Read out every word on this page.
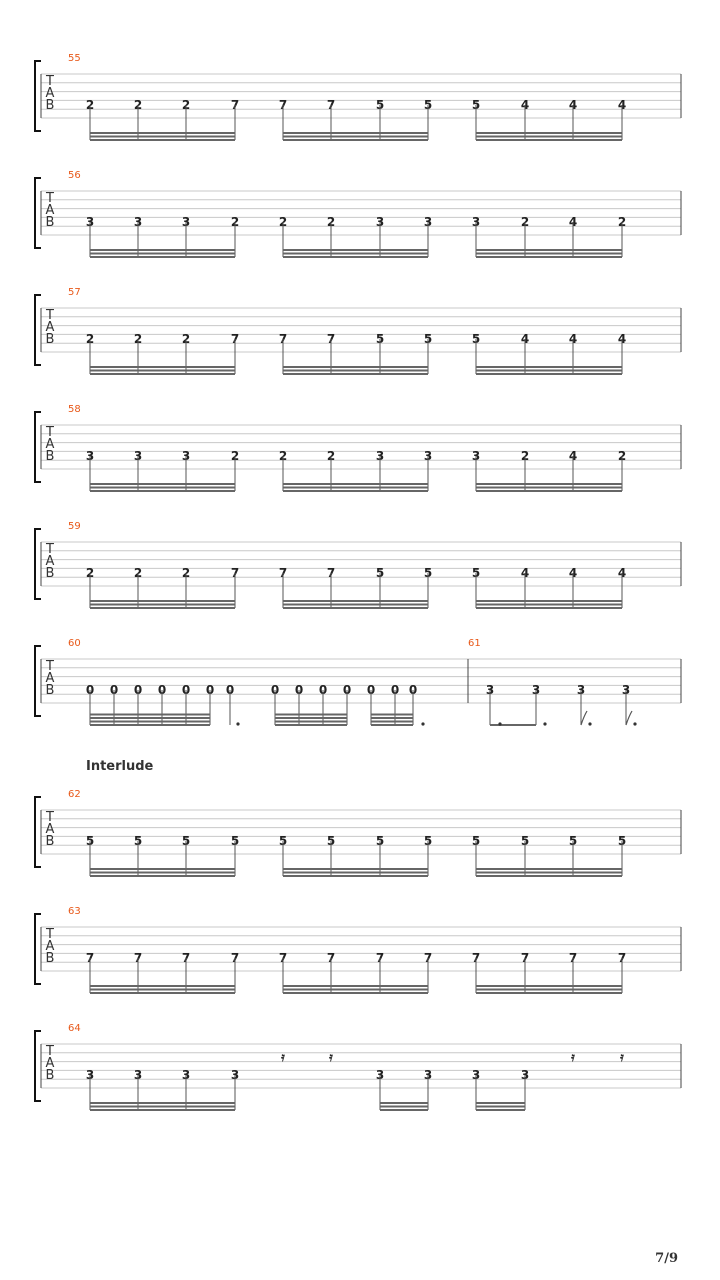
T
A
B
55
2	2	2	7	7	7	5	5	5	4	4	4
T
A
B
56
3	3	3	2	2	2	3	3	3	2	4	2
T
A
B
57
2	2	2	7	7	7	5	5	5	4	4	4
T
A
B
58
3	3	3	2	2	2	3	3	3	2	4	2
T
A
B
59
2	2	2	7	7	7	5	5	5	4	4	4
T
A
B
60
0 0 0 0 0 0 0	0 0 0 0 0 0 0
61
3	3	3	3
T
A
B
62
5	5	5	5	5	5	5	5	5	5	5	5
T
A
B
63
7	7	7	7	7	7	7	7	7	7	7	7
T
A
B
64
3	3	3	3	3	3	3	3
𝄿	𝄿	𝄿	𝄿
Interlude
7/9
